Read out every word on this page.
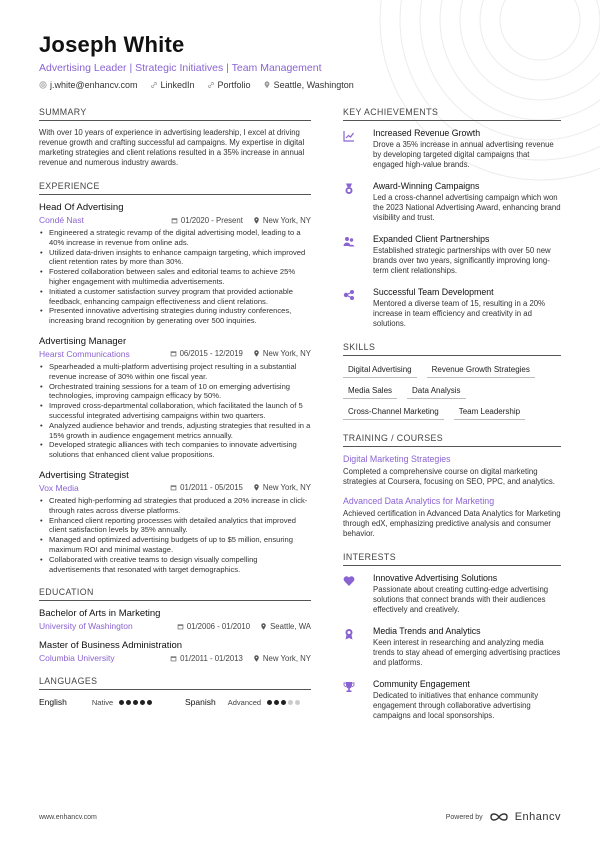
Joseph White
Advertising Leader | Strategic Initiatives | Team Management
j.white@enhancv.com	LinkedIn	Portfolio	Seattle, Washington
SUMMARY
With over 10 years of experience in advertising leadership, I excel at driving revenue growth and crafting successful ad campaigns. My expertise in digital marketing strategies and client relations resulted in a 35% increase in annual revenue and numerous industry awards.
EXPERIENCE
Head Of Advertising
Condé Nast	01/2020 - Present	New York, NY
• Engineered a strategic revamp of the digital advertising model, leading to a 40% increase in revenue from online ads.
• Utilized data-driven insights to enhance campaign targeting, which improved client retention rates by more than 30%.
• Fostered collaboration between sales and editorial teams to achieve 25% higher engagement with multimedia advertisements.
• Initiated a customer satisfaction survey program that provided actionable feedback, enhancing campaign effectiveness and client relations.
• Presented innovative advertising strategies during industry conferences, increasing brand recognition by generating over 500 inquiries.
Advertising Manager
Hearst Communications	06/2015 - 12/2019	New York, NY
• Spearheaded a multi-platform advertising project resulting in a substantial revenue increase of 30% within one fiscal year.
• Orchestrated training sessions for a team of 10 on emerging advertising technologies, improving campaign efficacy by 50%.
• Improved cross-departmental collaboration, which facilitated the launch of 5 successful integrated advertising campaigns within two quarters.
• Analyzed audience behavior and trends, adjusting strategies that resulted in a 15% growth in audience engagement metrics annually.
• Developed strategic alliances with tech companies to innovate advertising solutions that enhanced client value propositions.
Advertising Strategist
Vox Media	01/2011 - 05/2015	New York, NY
• Created high-performing ad strategies that produced a 20% increase in click-through rates across diverse platforms.
• Enhanced client reporting processes with detailed analytics that improved client satisfaction levels by 35% annually.
• Managed and optimized advertising budgets of up to $5 million, ensuring maximum ROI and minimal wastage.
• Collaborated with creative teams to design visually compelling advertisements that resonated with target demographics.
EDUCATION
Bachelor of Arts in Marketing
University of Washington	01/2006 - 01/2010	Seattle, WA
Master of Business Administration
Columbia University	01/2011 - 01/2013	New York, NY
LANGUAGES
English	Native	Spanish Advanced
KEY ACHIEVEMENTS
Increased Revenue Growth
Drove a 35% increase in annual advertising revenue by developing targeted digital campaigns that engaged high-value brands.
Award-Winning Campaigns
Led a cross-channel advertising campaign which won the 2023 National Advertising Award, enhancing brand visibility and trust.
Expanded Client Partnerships
Established strategic partnerships with over 50 new brands over two years, significantly improving long-term client relationships.
Successful Team Development
Mentored a diverse team of 15, resulting in a 20% increase in team efficiency and creativity in ad solutions.
SKILLS
Digital Advertising	Revenue Growth Strategies
Media Sales	Data Analysis
Cross-Channel Marketing	Team Leadership
TRAINING / COURSES
Digital Marketing Strategies
Completed a comprehensive course on digital marketing strategies at Coursera, focusing on SEO, PPC, and analytics.
Advanced Data Analytics for Marketing
Achieved certification in Advanced Data Analytics for Marketing through edX, emphasizing predictive analysis and consumer behavior.
INTERESTS
Innovative Advertising Solutions
Passionate about creating cutting-edge advertising solutions that connect brands with their audiences effectively and creatively.
Media Trends and Analytics
Keen interest in researching and analyzing media trends to stay ahead of emerging advertising practices and platforms.
Community Engagement
Dedicated to initiatives that enhance community engagement through collaborative advertising campaigns and local sponsorships.
www.enhancv.com	Powered by	Enhancv
